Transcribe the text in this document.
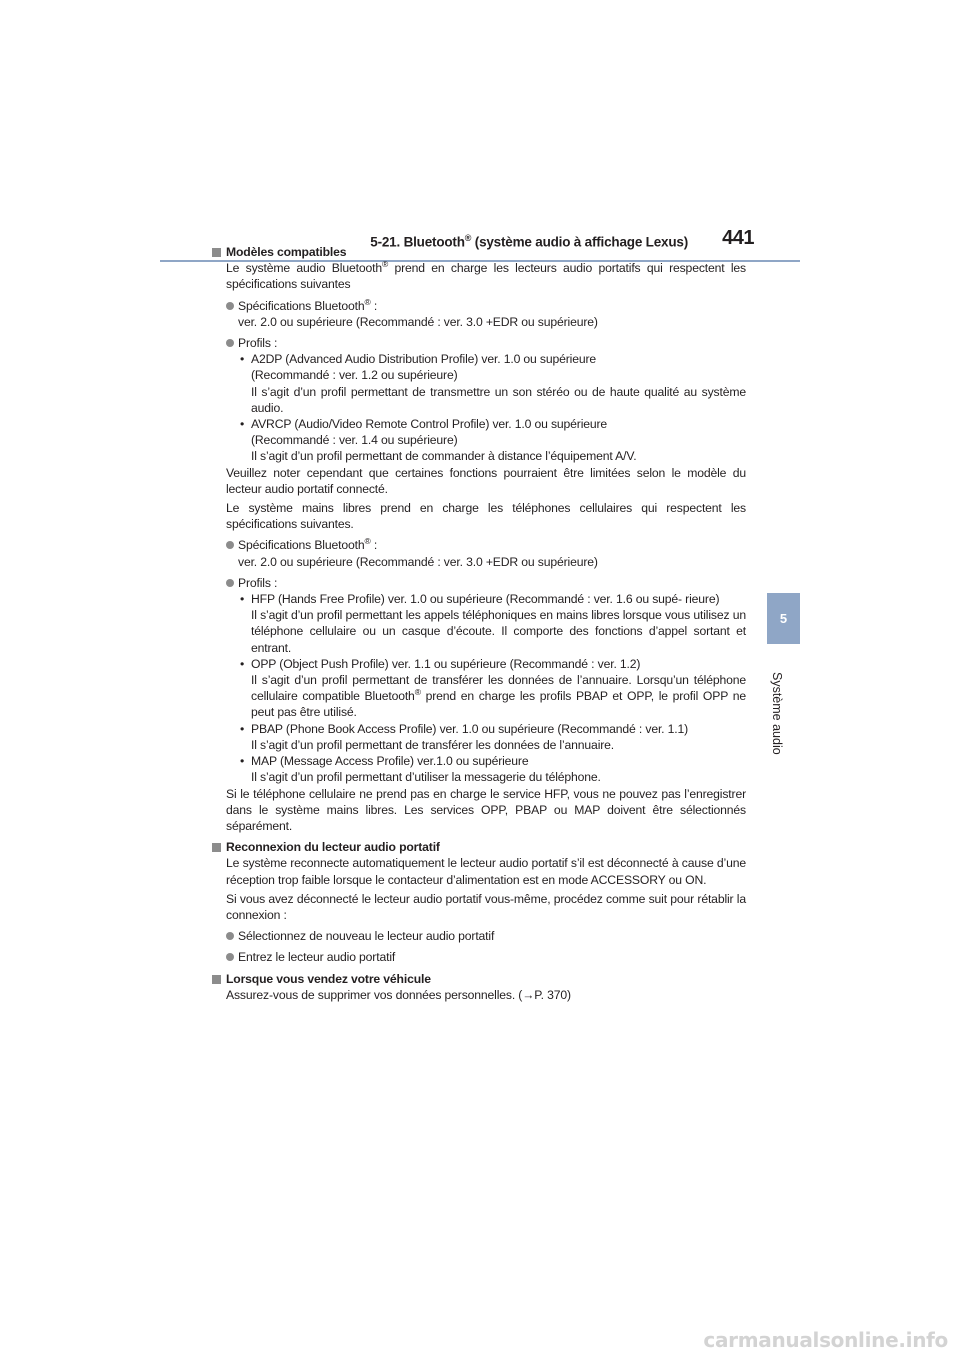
5-21. Bluetooth® (système audio à affichage Lexus) 441
5
Système audio
Modèles compatibles
Le système audio Bluetooth® prend en charge les lecteurs audio portatifs qui respectent les spécifications suivantes
Spécifications Bluetooth® :
ver. 2.0 ou supérieure (Recommandé : ver. 3.0 +EDR ou supérieure)
Profils :
• A2DP (Advanced Audio Distribution Profile) ver. 1.0 ou supérieure
(Recommandé : ver. 1.2 ou supérieure)
Il s’agit d’un profil permettant de transmettre un son stéréo ou de haute qualité au système audio.
• AVRCP (Audio/Video Remote Control Profile) ver. 1.0 ou supérieure
(Recommandé : ver. 1.4 ou supérieure)
Il s’agit d’un profil permettant de commander à distance l’équipement A/V.
Veuillez noter cependant que certaines fonctions pourraient être limitées selon le modèle du lecteur audio portatif connecté.
Le système mains libres prend en charge les téléphones cellulaires qui respectent les spécifications suivantes.
Spécifications Bluetooth® :
ver. 2.0 ou supérieure (Recommandé : ver. 3.0 +EDR ou supérieure)
Profils :
• HFP (Hands Free Profile) ver. 1.0 ou supérieure (Recommandé : ver. 1.6 ou supé- rieure)
Il s’agit d’un profil permettant les appels téléphoniques en mains libres lorsque vous utilisez un téléphone cellulaire ou un casque d’écoute. Il comporte des fonctions d’appel sortant et entrant.
• OPP (Object Push Profile) ver. 1.1 ou supérieure (Recommandé : ver. 1.2)
Il s’agit d’un profil permettant de transférer les données de l’annuaire. Lorsqu’un téléphone cellulaire compatible Bluetooth® prend en charge les profils PBAP et OPP, le profil OPP ne peut pas être utilisé.
• PBAP (Phone Book Access Profile) ver. 1.0 ou supérieure (Recommandé : ver. 1.1)
Il s’agit d’un profil permettant de transférer les données de l’annuaire.
• MAP (Message Access Profile) ver.1.0 ou supérieure
Il s’agit d’un profil permettant d’utiliser la messagerie du téléphone.
Si le téléphone cellulaire ne prend pas en charge le service HFP, vous ne pouvez pas l’enregistrer dans le système mains libres. Les services OPP, PBAP ou MAP doivent être sélectionnés séparément.
Reconnexion du lecteur audio portatif
Le système reconnecte automatiquement le lecteur audio portatif s’il est déconnecté à cause d’une réception trop faible lorsque le contacteur d’alimentation est en mode ACCESSORY ou ON.
Si vous avez déconnecté le lecteur audio portatif vous-même, procédez comme suit pour rétablir la connexion :
Sélectionnez de nouveau le lecteur audio portatif
Entrez le lecteur audio portatif
Lorsque vous vendez votre véhicule
Assurez-vous de supprimer vos données personnelles. (→P. 370)
carmanualsonline.info
